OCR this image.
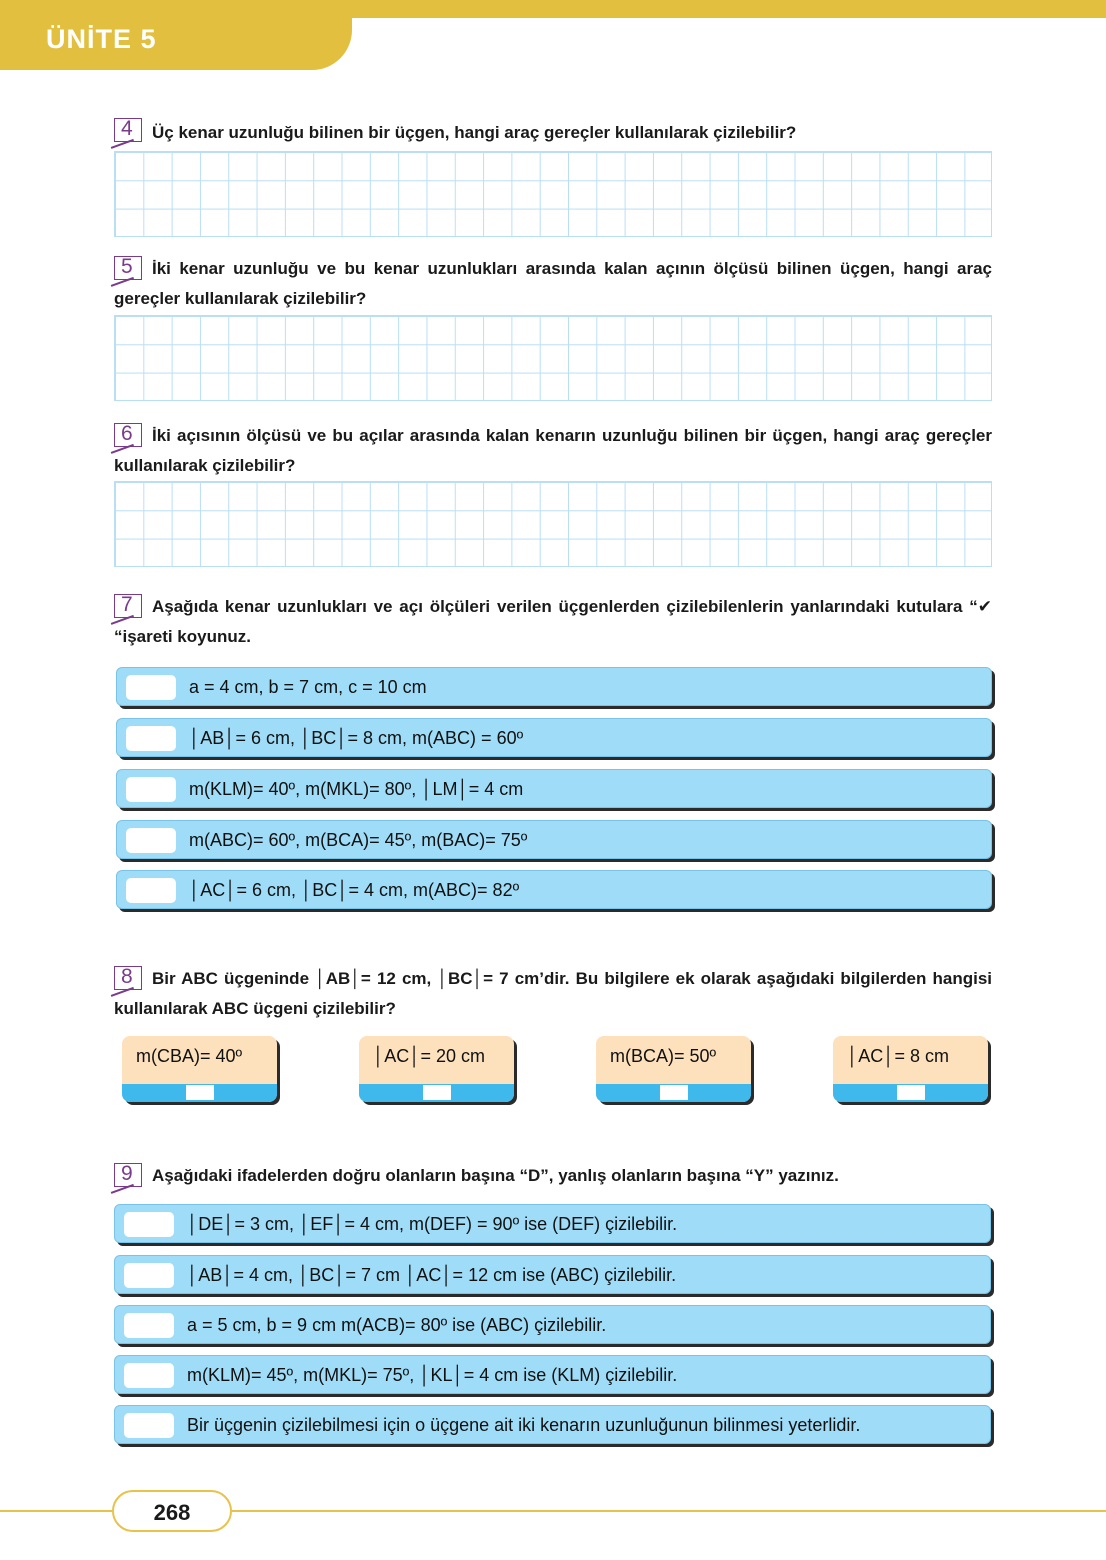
ÜNİTE 5
4 Üç kenar uzunluğu bilinen bir üçgen, hangi araç gereçler kullanılarak çizilebilir?
5	İki kenar uzunluğu ve bu kenar uzunlukları arasında kalan açının ölçüsü bilinen üçgen, hangi araç gereçler kullanılarak çizilebilir?
6	İki açısının ölçüsü ve bu açılar arasında kalan kenarın uzunluğu bilinen bir üçgen, hangi araç gereçler kullanılarak çizilebilir?
7	Aşağıda kenar uzunlukları ve açı ölçüleri verilen üçgenlerden çizilebilenlerin yanlarındaki kutulara “✔ “işareti koyunuz.
a = 4 cm, b = 7 cm, c = 10 cm
│AB│= 6 cm, │BC│= 8 cm, m(ABC) = 60º
m(KLM)= 40º, m(MKL)= 80º, │LM│= 4 cm
m(ABC)= 60º, m(BCA)= 45º, m(BAC)= 75º
│AC│= 6 cm, │BC│= 4 cm, m(ABC)= 82º
8	Bir ABC üçgeninde │AB│= 12 cm, │BC│= 7 cm’dir. Bu bilgilere ek olarak aşağıdaki bilgilerden hangisi kullanılarak ABC üçgeni çizilebilir?
m(CBA)= 40º	│AC│= 20 cm	m(BCA)= 50º	│AC│= 8 cm
9 Aşağıdaki ifadelerden doğru olanların başına “D”, yanlış olanların başına “Y” yazınız.
│DE│= 3 cm, │EF│= 4 cm, m(DEF) = 90º ise (DEF) çizilebilir.
│AB│= 4 cm, │BC│= 7 cm │AC│= 12 cm ise (ABC) çizilebilir.
a = 5 cm, b = 9 cm m(ACB)= 80º ise (ABC) çizilebilir.
m(KLM)= 45º, m(MKL)= 75º, │KL│= 4 cm ise (KLM) çizilebilir.
Bir üçgenin çizilebilmesi için o üçgene ait iki kenarın uzunluğunun bilinmesi yeterlidir.
268
